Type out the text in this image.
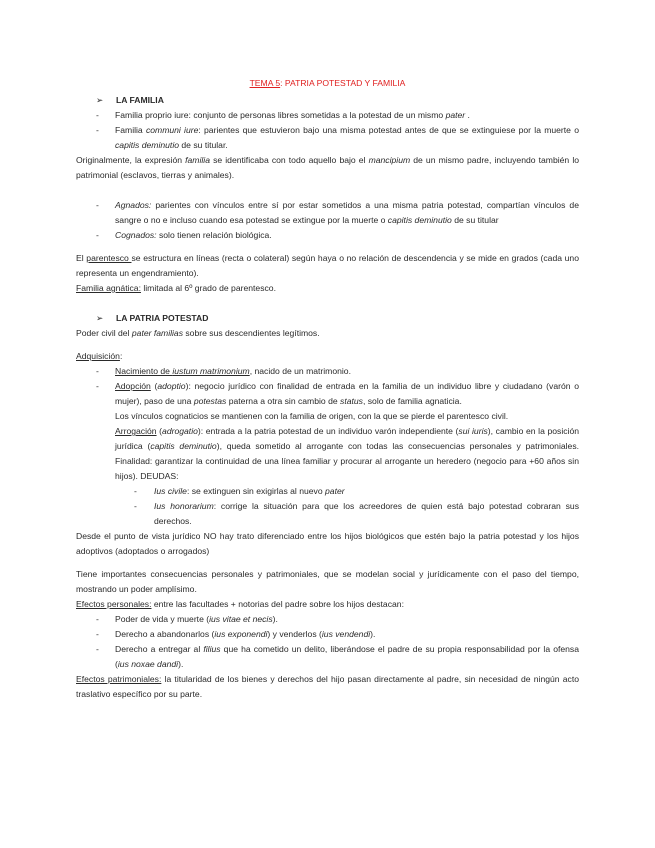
TEMA 5: PATRIA POTESTAD Y FAMILIA
➢ LA FAMILIA
- Familia proprio iure: conjunto de personas libres sometidas a la potestad de un mismo pater .
- Familia communi iure: parientes que estuvieron bajo una misma potestad antes de que se extinguiese por la muerte o capitis deminutio de su titular.

Originalmente, la expresión familia se identificaba con todo aquello bajo el mancipium de un mismo padre, incluyendo también lo patrimonial (esclavos, tierras y animales).

- Agnados: parientes con vínculos entre sí por estar sometidos a una misma patria potestad, compartían vínculos de sangre o no e incluso cuando esa potestad se extingue por la muerte o capitis deminutio de su titular
- Cognados: solo tienen relación biológica.

El parentesco se estructura en líneas (recta o colateral) según haya o no relación de descendencia y se mide en grados (cada uno representa un engendramiento).

Familia agnática: limitada al 6º grado de parentesco.

➢ LA PATRIA POTESTAD

Poder civil del pater familias sobre sus descendientes legítimos.

Adquisición:

- Nacimiento de iustum matrimonium, nacido de un matrimonio.
- Adopción (adoptio): negocio jurídico con finalidad de entrada en la familia de un individuo libre y ciudadano (varón o mujer), paso de una potestas paterna a otra sin cambio de status, solo de familia agnaticia.

Los vínculos cognaticios se mantienen con la familia de origen, con la que se pierde el parentesco civil.

Arrogación (adrogatio): entrada a la patria potestad de un individuo varón independiente (sui iuris), cambio en la posición jurídica (capitis deminutio), queda sometido al arrogante con todas las consecuencias personales y patrimoniales. Finalidad: garantizar la continuidad de una línea familiar y procurar al arrogante un heredero (negocio para +60 años sin hijos). DEUDAS:

- Ius civile: se extinguen sin exigirlas al nuevo pater
- Ius honorarium: corrige la situación para que los acreedores de quien está bajo potestad cobraran sus derechos.

Desde el punto de vista jurídico NO hay trato diferenciado entre los hijos biológicos que estén bajo la patria potestad y los hijos adoptivos (adoptados o arrogados)

Tiene importantes consecuencias personales y patrimoniales, que se modelan social y jurídicamente con el paso del tiempo, mostrando un poder amplísimo.

Efectos personales: entre las facultades + notorias del padre sobre los hijos destacan:

- Poder de vida y muerte (ius vitae et necis).
- Derecho a abandonarlos (ius exponendi) y venderlos (ius vendendi).
- Derecho a entregar al filius que ha cometido un delito, liberándose el padre de su propia responsabilidad por la ofensa (ius noxae dandi).

Efectos patrimoniales: la titularidad de los bienes y derechos del hijo pasan directamente al padre, sin necesidad de ningún acto traslativo específico por su parte.
